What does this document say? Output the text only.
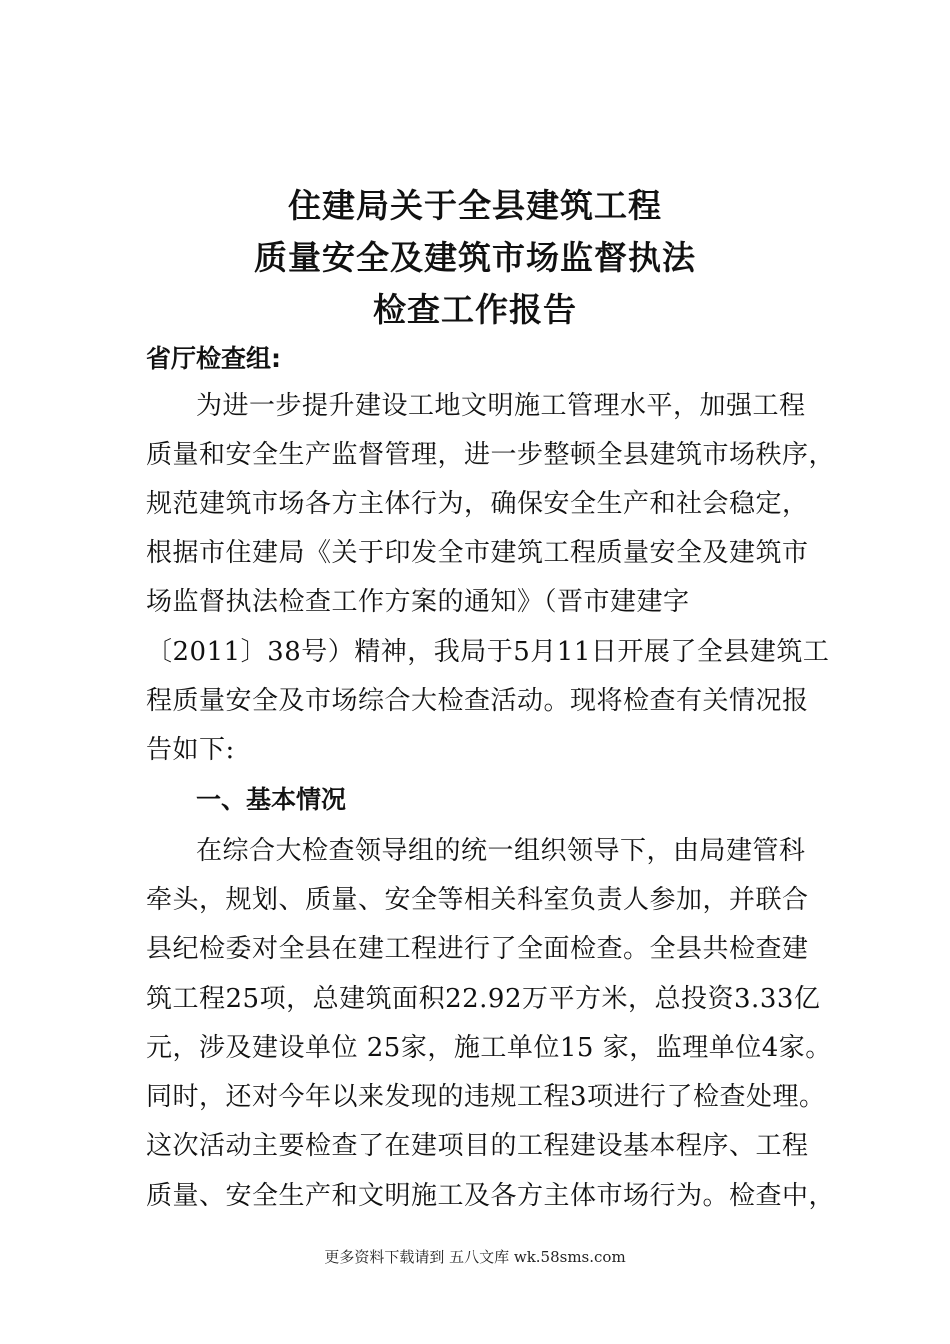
住建局关于全县建筑工程
质量安全及建筑市场监督执法
检查工作报告
省厅检查组:
为进一步提升建设工地文明施工管理水平，加强工程
质量和安全生产监督管理，进一步整顿全县建筑市场秩序，
规范建筑市场各方主体行为，确保安全生产和社会稳定，
根据市住建局《关于印发全市建筑工程质量安全及建筑市
场监督执法检查工作方案的通知》（晋市建建字
〔2011〕38号）精神，我局于5月11日开展了全县建筑工
程质量安全及市场综合大检查活动。现将检查有关情况报
告如下:
一、基本情况
在综合大检查领导组的统一组织领导下，由局建管科
牵头，规划、质量、安全等相关科室负责人参加，并联合
县纪检委对全县在建工程进行了全面检查。全县共检查建
筑工程25项，总建筑面积22.92万平方米，总投资3.33亿
元，涉及建设单位 25家，施工单位15 家，监理单位4家。
同时，还对今年以来发现的违规工程3项进行了检查处理。
这次活动主要检查了在建项目的工程建设基本程序、工程
质量、安全生产和文明施工及各方主体市场行为。检查中，
更多资料下载请到 五八文库 wk.58sms.com
